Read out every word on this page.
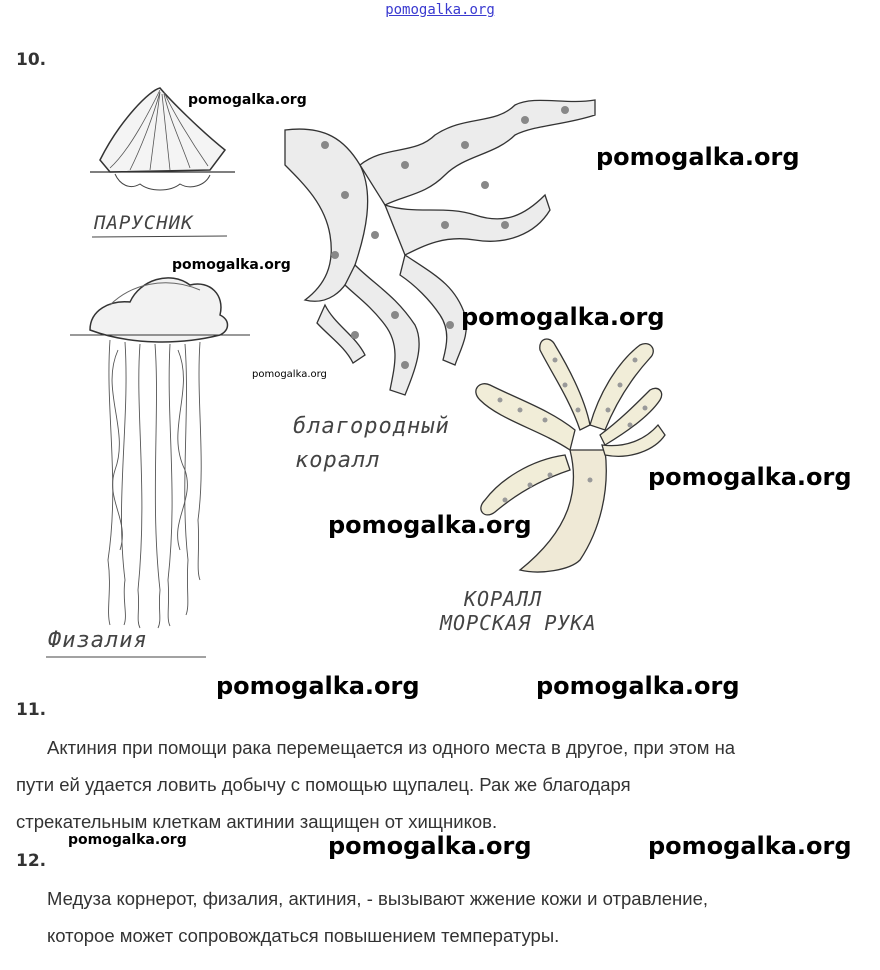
pomogalka.org
10.
ПАРУСНИК
Физалия
благородный
коралл
КОРАЛЛ
МОРСКАЯ РУКА
pomogalka.org
pomogalka.org
pomogalka.org
pomogalka.org
pomogalka.org
pomogalka.org
pomogalka.org
pomogalka.org	pomogalka.org
pomogalka.org	pomogalka.org	pomogalka.org
11.

Актиния при помощи рака перемещается из одного места в другое, при этом на

пути ей удается ловить добычу с помощью щупалец. Рак же благодаря

стрекательным клеткам актинии защищен от хищников.

12.

Медуза корнерот, физалия, актиния, - вызывают жжение кожи и отравление,

которое может сопровождаться повышением температуры.
